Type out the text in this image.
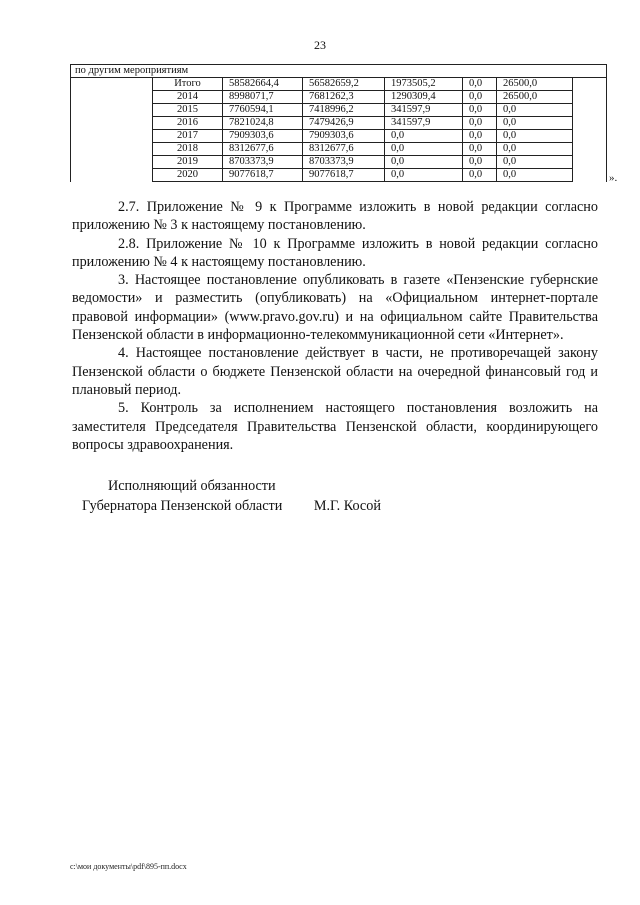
23
по другим мероприятиям							
	Итого	58582664,4	56582659,2	1973505,2	0,0	26500,0	
	2014	8998071,7	7681262,3	1290309,4	0,0	26500,0	
	2015	7760594,1	7418996,2	341597,9	0,0	0,0	
	2016	7821024,8	7479426,9	341597,9	0,0	0,0	
	2017	7909303,6	7909303,6	0,0	0,0	0,0	
	2018	8312677,6	8312677,6	0,0	0,0	0,0	
	2019	8703373,9	8703373,9	0,0	0,0	0,0	
	2020	9077618,7	9077618,7	0,0	0,0	0,0		».

2.7. Приложение № 9 к Программе изложить в новой редакции согласно приложению № 3 к настоящему постановлению.

2.8. Приложение № 10 к Программе изложить в новой редакции согласно приложению № 4 к настоящему постановлению.

3. Настоящее постановление опубликовать в газете «Пензенские губернские ведомости» и разместить (опубликовать) на «Официальном интернет-портале правовой информации» (www.pravo.gov.ru) и на официальном сайте Правительства Пензенской области в информационно-телекоммуникационной сети «Интернет».

4. Настоящее постановление действует в части, не противоречащей закону Пензенской области о бюджете Пензенской области на очередной финансовый год и плановый период.

5. Контроль за исполнением настоящего постановления возложить на заместителя Председателя Правительства Пензенской области, координирующего вопросы здравоохранения.

Исполняющий обязанности
Губернатора Пензенской области М.Г. Косой
c:\мои документы\pdf\895-пп.docx
